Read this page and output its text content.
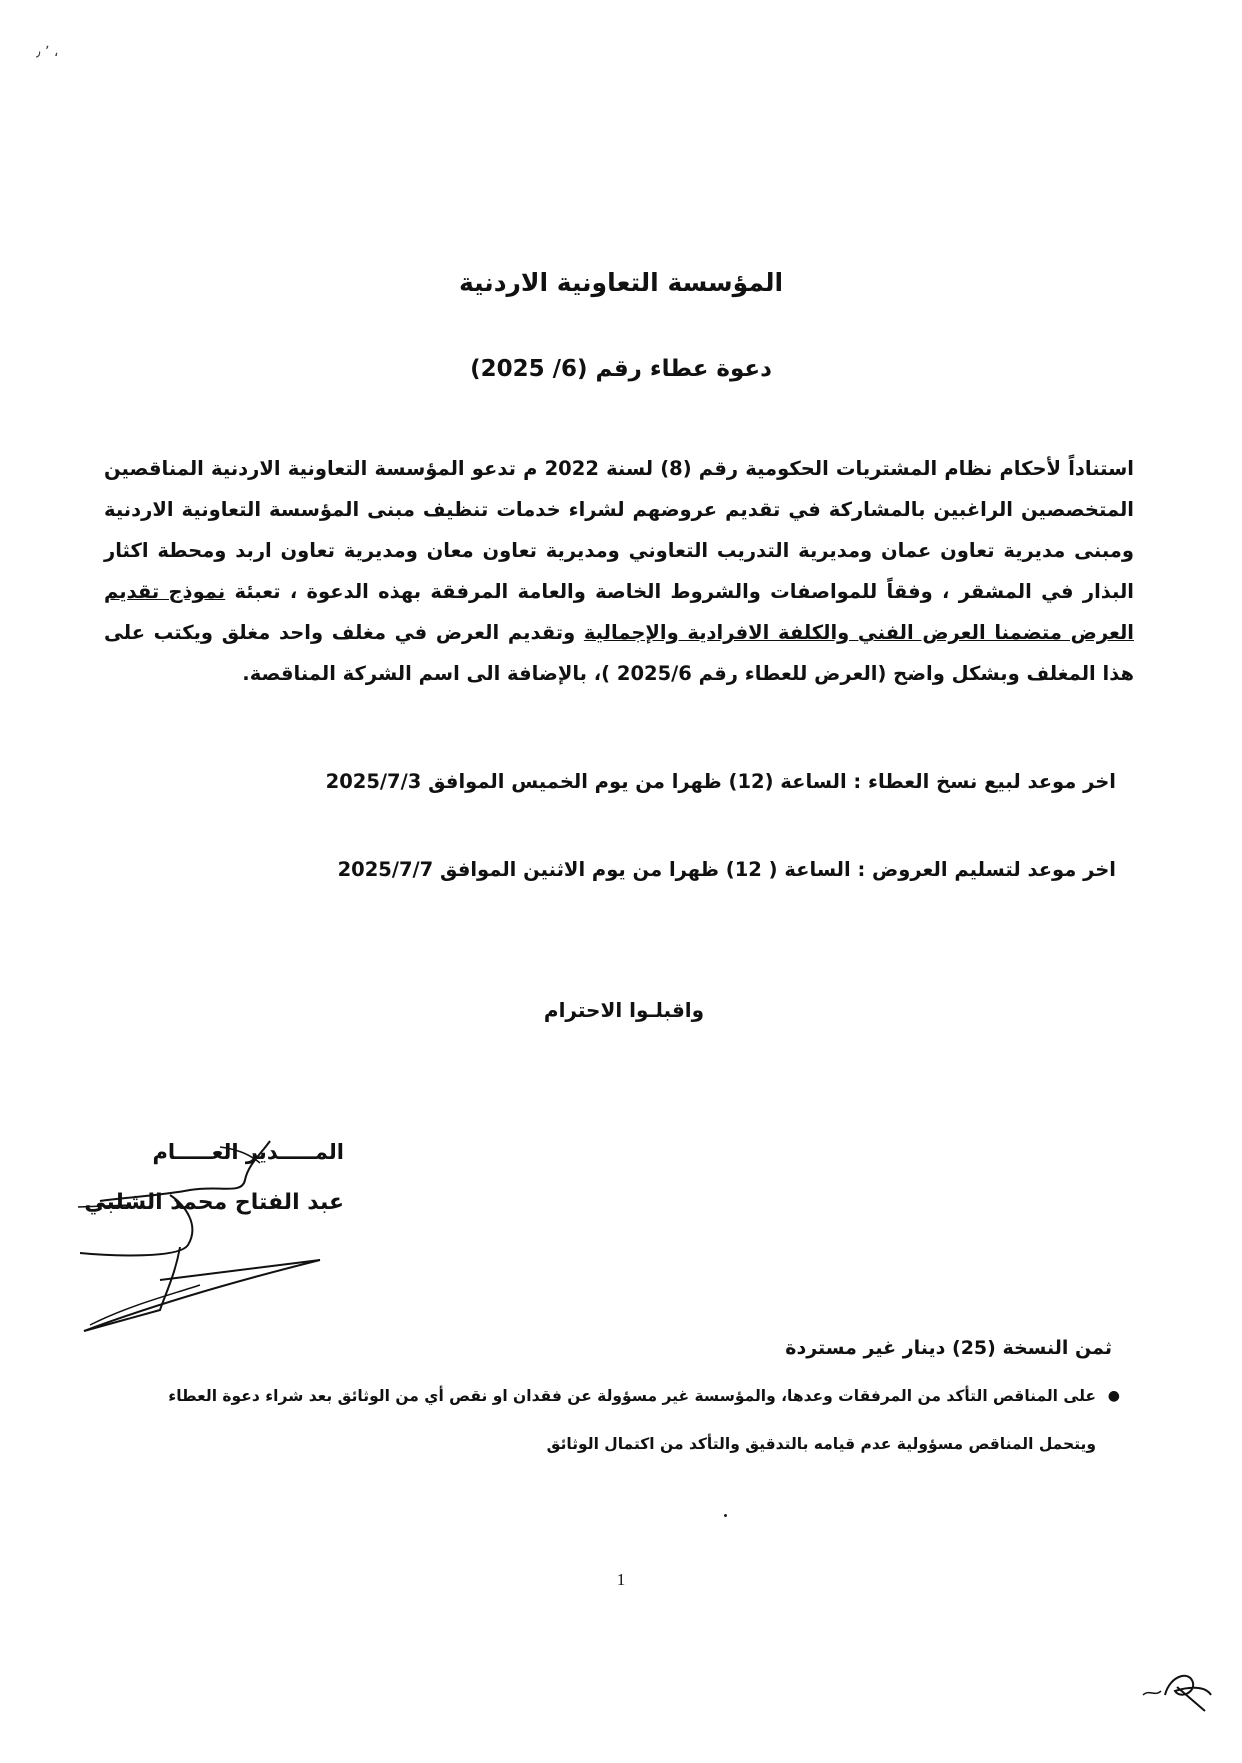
٬ ٫ ،
المؤسسة التعاونية الاردنية
دعوة عطاء رقم (6/ 2025)
استناداً لأحكام نظام المشتريات الحكومية رقم (8) لسنة 2022 م تدعو المؤسسة التعاونية الاردنية المناقصين المتخصصين الراغبين بالمشاركة في تقديم عروضهم لشراء خدمات تنظيف مبنى المؤسسة التعاونية الاردنية ومبنى مديرية تعاون عمان ومديرية التدريب التعاوني ومديرية تعاون معان ومديرية تعاون اربد ومحطة اكثار البذار في المشقر ، وفقاً للمواصفات والشروط الخاصة والعامة المرفقة بهذه الدعوة ، تعبئة نموذج تقديم العرض متضمنا العرض الفني والكلفة الافرادية والإجمالية وتقديم العرض في مغلف واحد مغلق ويكتب على هذا المغلف وبشكل واضح (العرض للعطاء رقم 2025/6 )، بالإضافة الى اسم الشركة المناقصة.
اخر موعد لبيع نسخ العطاء : الساعة (12) ظهرا من يوم الخميس الموافق 2025/7/3
اخر موعد لتسليم العروض : الساعة ( 12) ظهرا من يوم الاثنين الموافق 2025/7/7
واقبلـوا الاحترام
المـــــدير العـــــام
عبد الفتاح محمد الشلبي
ثمن النسخة (25) دينار غير مستردة
●
على المناقص التأكد من المرفقات وعدها، والمؤسسة غير مسؤولة عن فقدان او نقص أي من الوثائق بعد شراء دعوة العطاء
ويتحمل المناقص مسؤولية عدم قيامه بالتدقيق والتأكد من اكتمال الوثائق
1
